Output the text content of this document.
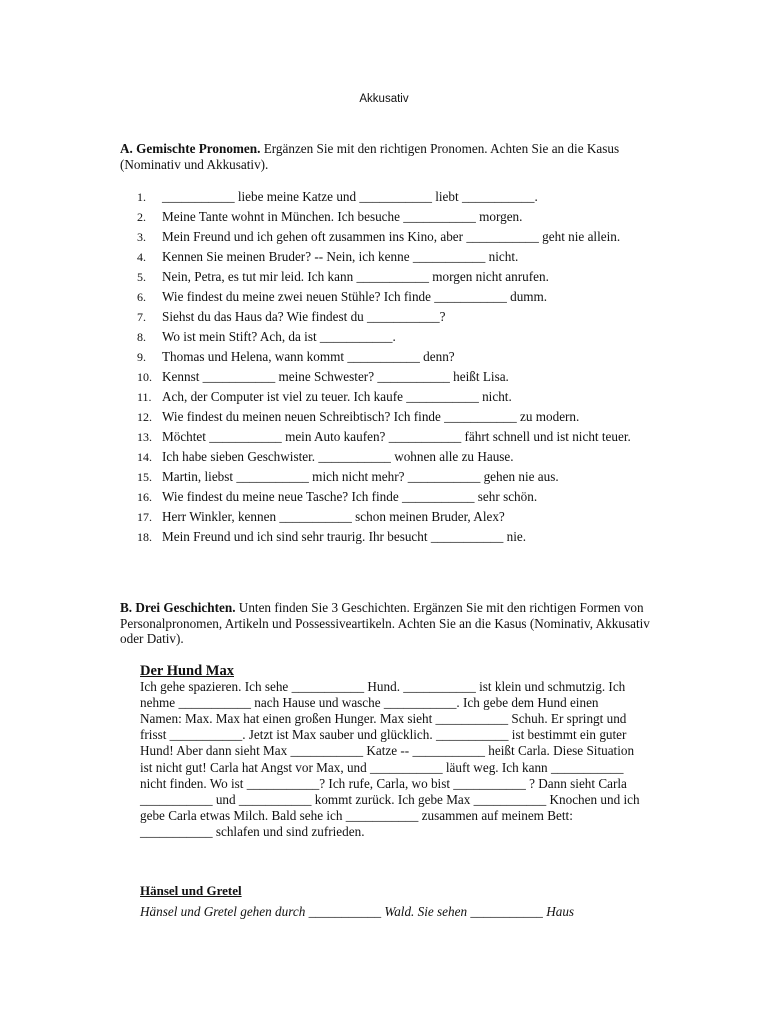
Akkusativ
A. Gemischte Pronomen. Ergänzen Sie mit den richtigen Pronomen. Achten Sie an die Kasus (Nominativ und Akkusativ).
1.	___________ liebe meine Katze und ___________ liebt ___________.
2.	Meine Tante wohnt in München. Ich besuche ___________ morgen.
3.	Mein Freund und ich gehen oft zusammen ins Kino, aber ___________ geht nie allein.
4.	Kennen Sie meinen Bruder? -- Nein, ich kenne ___________ nicht.
5.	Nein, Petra, es tut mir leid. Ich kann ___________ morgen nicht anrufen.
6.	Wie findest du meine zwei neuen Stühle? Ich finde ___________ dumm.
7.	Siehst du das Haus da? Wie findest du ___________?
8.	Wo ist mein Stift? Ach, da ist ___________.
9.	Thomas und Helena, wann kommt ___________ denn?
10. Kennst ___________ meine Schwester? ___________ heißt Lisa.
11. Ach, der Computer ist viel zu teuer. Ich kaufe ___________ nicht.
12. Wie findest du meinen neuen Schreibtisch? Ich finde ___________ zu modern.
13. Möchtet ___________ mein Auto kaufen? ___________ fährt schnell und ist nicht teuer.
14. Ich habe sieben Geschwister. ___________ wohnen alle zu Hause.
15. Martin, liebst ___________ mich nicht mehr? ___________ gehen nie aus.
16. Wie findest du meine neue Tasche? Ich finde ___________ sehr schön.
17. Herr Winkler, kennen ___________ schon meinen Bruder, Alex?
18. Mein Freund und ich sind sehr traurig. Ihr besucht ___________ nie.
B. Drei Geschichten. Unten finden Sie 3 Geschichten. Ergänzen Sie mit den richtigen Formen von Personalpronomen, Artikeln und Possessiveartikeln. Achten Sie an die Kasus (Nominativ, Akkusativ oder Dativ).
Der Hund Max
Ich gehe spazieren. Ich sehe ___________ Hund. ___________ ist klein und schmutzig. Ich nehme ___________ nach Hause und wasche ___________. Ich gebe dem Hund einen Namen: Max. Max hat einen großen Hunger. Max sieht ___________ Schuh. Er springt und frisst ___________. Jetzt ist Max sauber und glücklich. ___________ ist bestimmt ein guter Hund! Aber dann sieht Max ___________ Katze -- ___________ heißt Carla. Diese Situation ist nicht gut! Carla hat Angst vor Max, und ___________ läuft weg. Ich kann ___________ nicht finden. Wo ist ___________? Ich rufe, Carla, wo bist ___________ ? Dann sieht Carla ___________ und ___________ kommt zurück. Ich gebe Max ___________ Knochen und ich gebe Carla etwas Milch. Bald sehe ich ___________ zusammen auf meinem Bett: ___________ schlafen und sind zufrieden.
Hänsel und Gretel
Hänsel und Gretel gehen durch ___________ Wald. Sie sehen ___________ Haus
